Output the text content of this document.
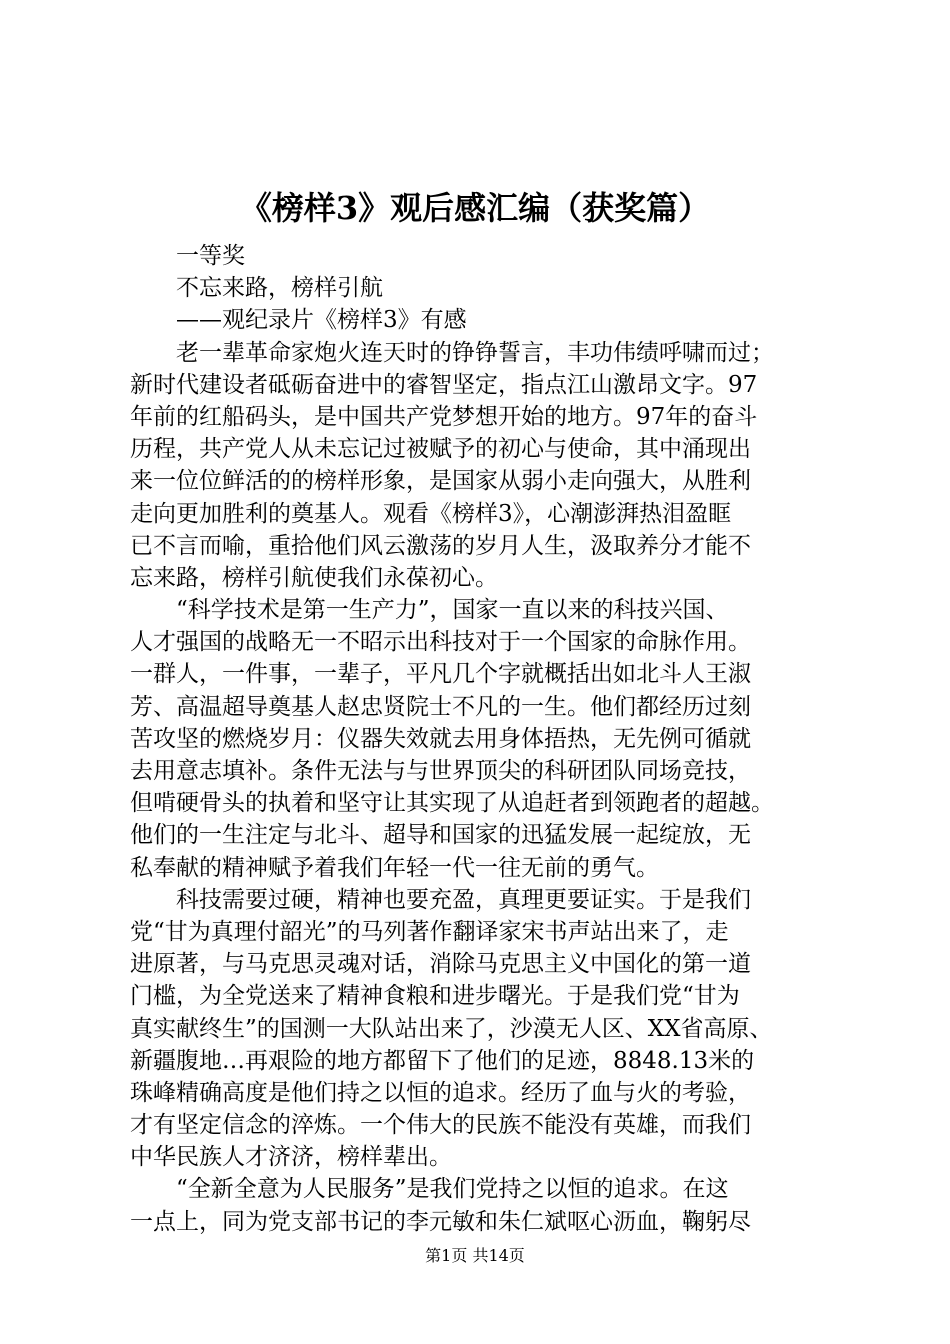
《榜样3》观后感汇编（获奖篇）
一等奖
不忘来路，榜样引航
——观纪录片《榜样3》有感
老一辈革命家炮火连天时的铮铮誓言，丰功伟绩呼啸而过；
新时代建设者砥砺奋进中的睿智坚定，指点江山激昂文字。97
年前的红船码头，是中国共产党梦想开始的地方。97年的奋斗
历程，共产党人从未忘记过被赋予的初心与使命，其中涌现出
来一位位鲜活的的榜样形象，是国家从弱小走向强大，从胜利
走向更加胜利的奠基人。观看《榜样3》，心潮澎湃热泪盈眶
已不言而喻，重拾他们风云激荡的岁月人生，汲取养分才能不
忘来路，榜样引航使我们永葆初心。
“科学技术是第一生产力”，国家一直以来的科技兴国、
人才强国的战略无一不昭示出科技对于一个国家的命脉作用。
一群人，一件事，一辈子，平凡几个字就概括出如北斗人王淑
芳、高温超导奠基人赵忠贤院士不凡的一生。他们都经历过刻
苦攻坚的燃烧岁月：仪器失效就去用身体捂热，无先例可循就
去用意志填补。条件无法与与世界顶尖的科研团队同场竞技，
但啃硬骨头的执着和坚守让其实现了从追赶者到领跑者的超越。
他们的一生注定与北斗、超导和国家的迅猛发展一起绽放，无
私奉献的精神赋予着我们年轻一代一往无前的勇气。
科技需要过硬，精神也要充盈，真理更要证实。于是我们
党“甘为真理付韶光”的马列著作翻译家宋书声站出来了，走
进原著，与马克思灵魂对话，消除马克思主义中国化的第一道
门槛，为全党送来了精神食粮和进步曙光。于是我们党“甘为
真实献终生”的国测一大队站出来了，沙漠无人区、XX省高原、
新疆腹地…再艰险的地方都留下了他们的足迹，8848.13米的
珠峰精确高度是他们持之以恒的追求。经历了血与火的考验，
才有坚定信念的淬炼。一个伟大的民族不能没有英雄，而我们
中华民族人才济济，榜样辈出。
“全新全意为人民服务”是我们党持之以恒的追求。在这
一点上，同为党支部书记的李元敏和朱仁斌呕心沥血，鞠躬尽
第1页 共14页
